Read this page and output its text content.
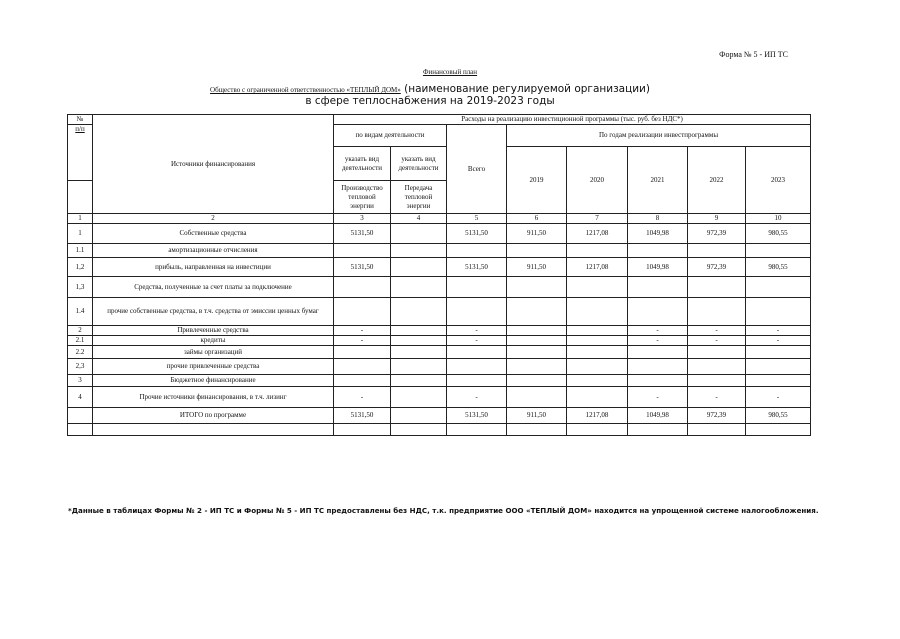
Форма № 5 - ИП ТС
Финансовый план
Общество с ограниченной ответственностью «ТЕПЛЫЙ ДОМ» (наименование регулируемой организации)
в сфере теплоснабжения на 2019-2023 годы
№	Источники финансирования	Расходы на реализацию инвестиционной программы (тыс. руб. без НДС*)							
п/п		по видам деятельности		Всего	По годам реализации инвестпрограммы				
		указать вид деятельности	указать вид деятельности		2019	2020	2021	2022	2023
		Производство тепловой энергии	Передача тепловой энергии						
1	2	3	4	5	6	7	8	9	10
1	Собственные средства	5131,50		5131,50	911,50	1217,08	1049,98	972,39	980,55
1.1	амортизационные отчисления								
1,2	прибыль, направленная на инвестиции	5131,50		5131,50	911,50	1217,08	1049,98	972,39	980,55
1,3	Средства, полученные за счет платы за подключение								
1.4	прочие собственные средства, в т.ч. средства от эмиссии ценных бумаг								
2	Привлеченные средства	-		-			-	-	-
2.1	кредиты	-		-			-	-	-
2.2	займы организаций								
2,3	прочие привлеченные средства								
3	Бюджетное финансирование								
4	Прочие источники финансирования, в т.ч. лизинг	-		-			-	-	-
	ИТОГО по программе	5131,50		5131,50	911,50	1217,08	1049,98	972,39	980,55

*Данные в таблицах Формы № 2 - ИП ТС и Формы № 5 - ИП ТС предоставлены без НДС, т.к. предприятие ООО «ТЕПЛЫЙ ДОМ» находится на упрощенной системе налогообложения.
